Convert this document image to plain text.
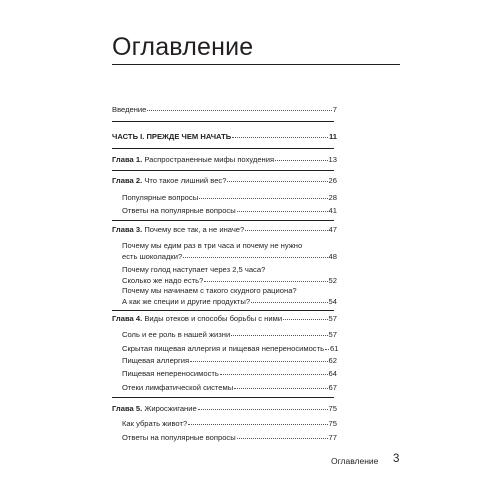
Оглавление
Введение	7
ЧАСТЬ I. ПРЕЖДЕ ЧЕМ НАЧАТЬ	11
Глава 1. Распространенные мифы похудения	13
Глава 2. Что такое лишний вес?	26
Популярные вопросы	28
Ответы на популярные вопросы	41
Глава 3. Почему все так, а не иначе?	47
Почему мы едим раз в три часа и почему не нужно
есть шоколадки?	48
Почему голод наступает через 2,5 часа?
Сколько же надо есть?	52
Почему мы начинаем с такого скудного рациона?
А как же специи и другие продукты?	54
Глава 4. Виды отеков и способы борьбы с ними	57
Соль и ее роль в нашей жизни	57
Скрытая пищевая аллергия и пищевая непереносимость 61
Пищевая аллергия	62
Пищевая непереносимость	64
Отеки лимфатической системы	67
Глава 5. Жиросжигание	75
Как убрать живот?	75
Ответы на популярные вопросы	77
Оглавление 3
